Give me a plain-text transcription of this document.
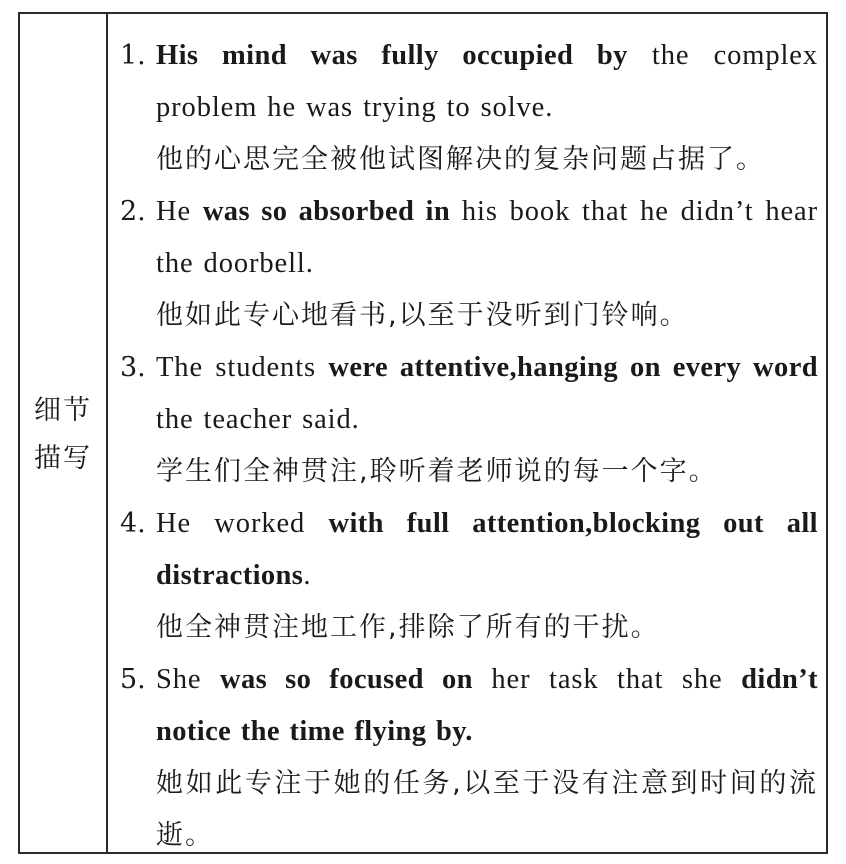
细节
描写
1. His mind was fully occupied by the complex problem he was trying to solve.
他的心思完全被他试图解决的复杂问题占据了。
2. He was so absorbed in his book that he didn’t hear the doorbell.
他如此专心地看书,以至于没听到门铃响。
3. The students were attentive,hanging on every word the teacher said.
学生们全神贯注,聆听着老师说的每一个字。
4. He worked with full attention,blocking out all distractions.
他全神贯注地工作,排除了所有的干扰。
5. She was so focused on her task that she didn’t notice the time flying by.
她如此专注于她的任务,以至于没有注意到时间的流逝。
